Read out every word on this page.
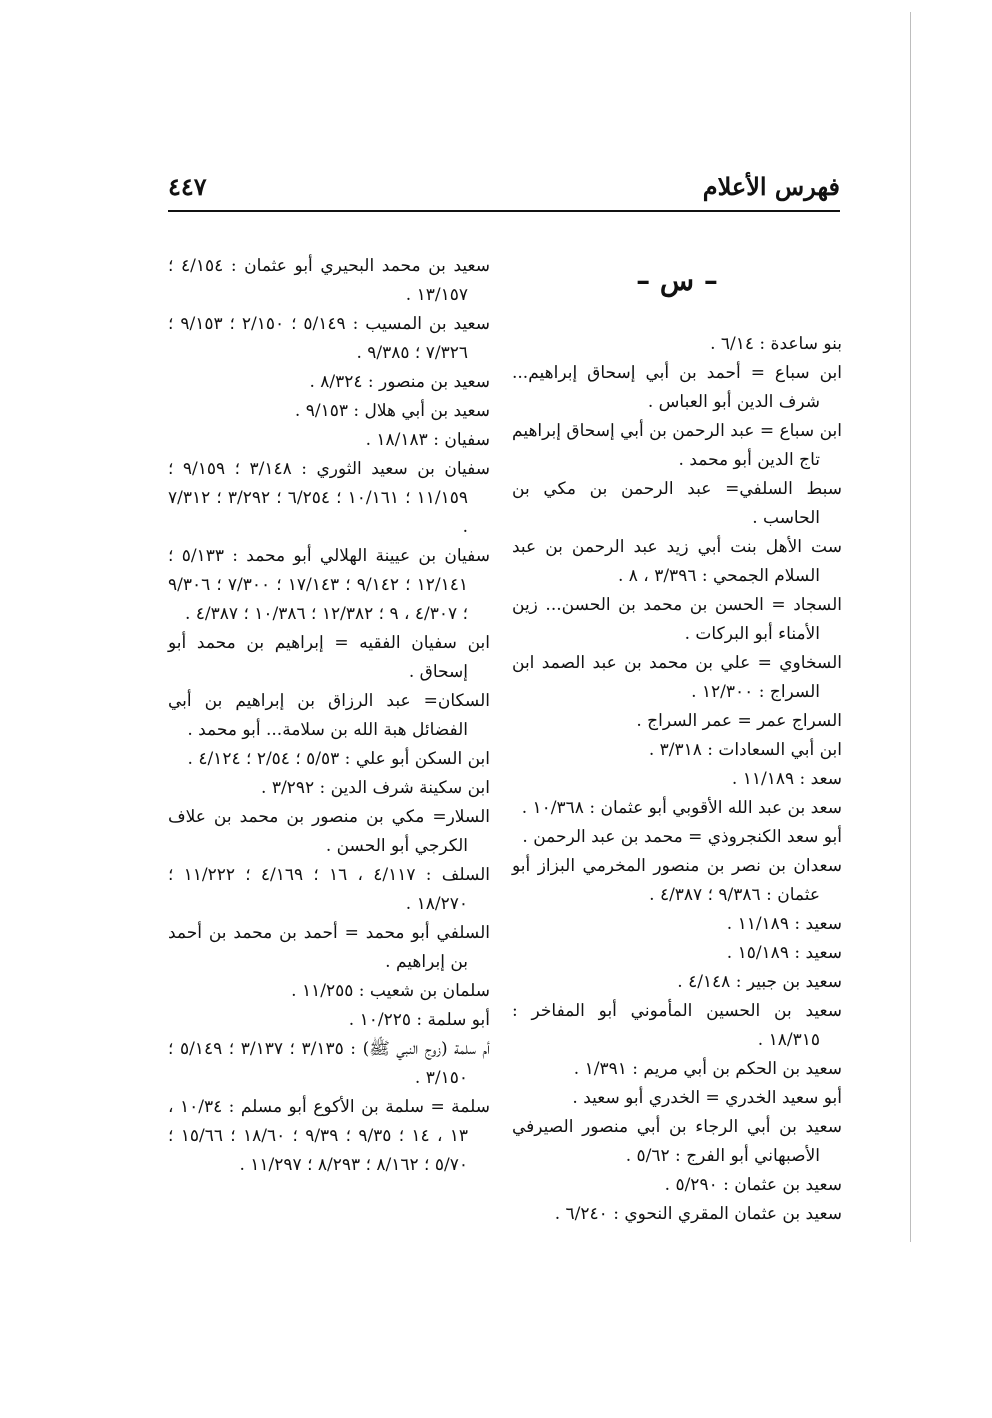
فهرس الأعلام
٤٤٧
– س –
بنو ساعدة : ٦/١٤ .
ابن سباع = أحمد بن أبي إسحاق إبراهيم... شرف الدين أبو العباس .
ابن سباع = عبد الرحمن بن أبي إسحاق إبراهيم تاج الدين أبو محمد .
سبط السلفي= عبد الرحمن بن مكي بن الحاسب .
ست الأهل بنت أبي زيد عبد الرحمن بن عبد السلام الجمحي : ٣/٣٩٦ ، ٨ .
السجاد = الحسن بن محمد بن الحسن... زين الأمناء أبو البركات .
السخاوي = علي بن محمد بن عبد الصمد ابن السراج : ١٢/٣٠٠ .
السراج عمر = عمر السراج .
ابن أبي السعادات : ٣/٣١٨ .
سعد : ١١/١٨٩ .
سعد بن عبد الله الأقوبي أبو عثمان : ١٠/٣٦٨ .
أبو سعد الكنجروذي = محمد بن عبد الرحمن .
سعدان بن نصر بن منصور المخرمي البزاز أبو عثمان : ٩/٣٨٦ ؛ ٤/٣٨٧ .
سعيد : ١١/١٨٩ .
سعيد : ١٥/١٨٩ .
سعيد بن جبير : ٤/١٤٨ .
سعيد بن الحسين المأموني أبو المفاخر : ١٨/٣١٥ .
سعيد بن الحكم بن أبي مريم : ١/٣٩١ .
أبو سعيد الخدري = الخدري أبو سعيد .
سعيد بن أبي الرجاء بن أبي منصور الصيرفي الأصبهاني أبو الفرج : ٥/٦٢ .
سعيد بن عثمان : ٥/٢٩٠ .
سعيد بن عثمان المقري النحوي : ٦/٢٤٠ .
سعيد بن محمد البحيري أبو عثمان : ٤/١٥٤ ؛ ١٣/١٥٧ .
سعيد بن المسيب : ٥/١٤٩ ؛ ٢/١٥٠ ؛ ٩/١٥٣ ؛ ٧/٣٢٦ ؛ ٩/٣٨٥ .
سعيد بن منصور : ٨/٣٢٤ .
سعيد بن أبي هلال : ٩/١٥٣ .
سفيان : ١٨/١٨٣ .
سفيان بن سعيد الثوري : ٣/١٤٨ ؛ ٩/١٥٩ ؛ ١١/١٥٩ ؛ ١٠/١٦١ ؛ ٦/٢٥٤ ؛ ٣/٢٩٢ ؛ ٧/٣١٢ .
سفيان بن عيينة الهلالي أبو محمد : ٥/١٣٣ ؛ ١٢/١٤١ ؛ ٩/١٤٢ ؛ ١٧/١٤٣ ؛ ٧/٣٠٠ ؛ ٩/٣٠٦ ؛ ٤/٣٠٧ ، ٩ ؛ ١٢/٣٨٢ ؛ ١٠/٣٨٦ ؛ ٤/٣٨٧ .
ابن سفيان الفقيه = إبراهيم بن محمد أبو إسحاق .
السكان= عبد الرزاق بن إبراهيم بن أبي الفضائل هبة الله بن سلامة... أبو محمد .
ابن السكن أبو علي : ٥/٥٣ ؛ ٢/٥٤ ؛ ٤/١٢٤ .
ابن سكينة شرف الدين : ٣/٢٩٢ .
السلار= مكي بن منصور بن محمد بن علاف الكرجي أبو الحسن .
السلف : ٤/١١٧ ، ١٦ ؛ ٤/١٦٩ ؛ ١١/٢٢٢ ؛ ١٨/٢٧٠ .
السلفي أبو محمد = أحمد بن محمد بن أحمد بن إبراهيم .
سلمان بن شعيب : ١١/٢٥٥ .
أبو سلمة : ١٠/٢٢٥ .
أم سلمة (زوج النبي ﷺ) : ٣/١٣٥ ؛ ٣/١٣٧ ؛ ٥/١٤٩ ؛ ٣/١٥٠ .
سلمة = سلمة بن الأكوع أبو مسلم : ١٠/٣٤ ، ١٣ ، ١٤ ؛ ٩/٣٥ ؛ ٩/٣٩ ؛ ١٨/٦٠ ؛ ١٥/٦٦ ؛ ٥/٧٠ ؛ ٨/١٦٢ ؛ ٨/٢٩٣ ؛ ١١/٢٩٧ .
